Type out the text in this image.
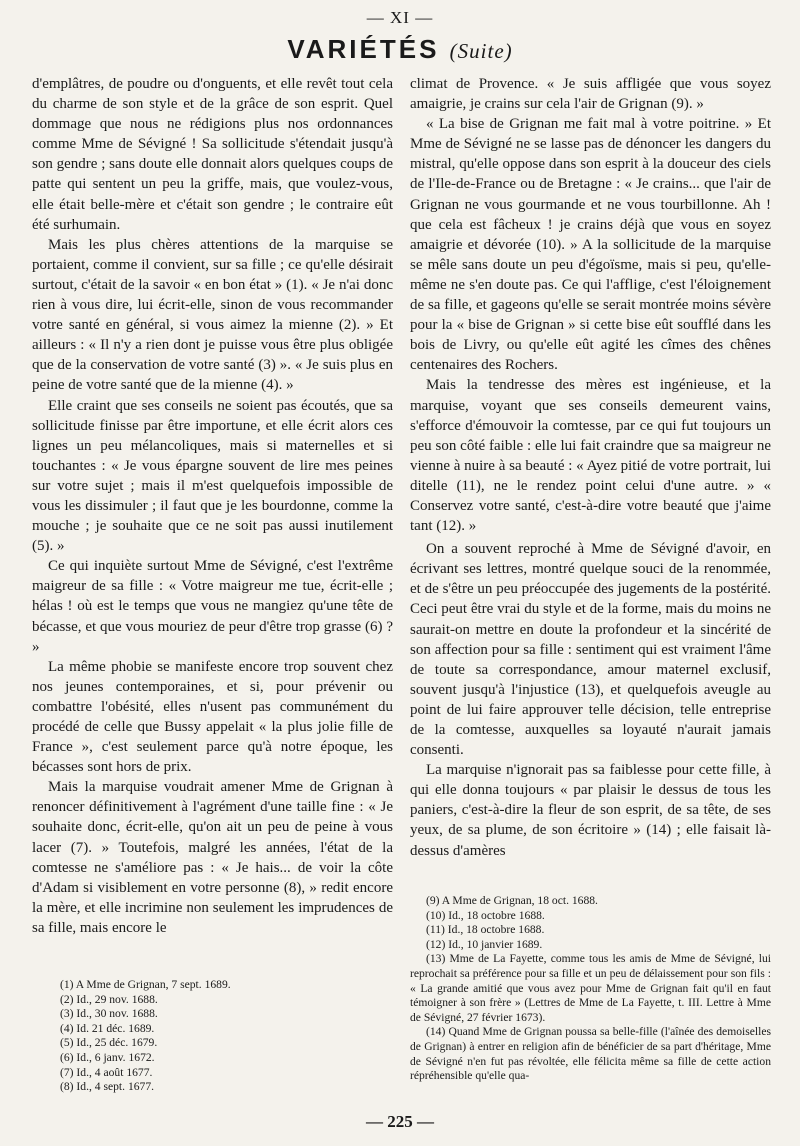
— XI —
VARIÉTÉS (Suite)

d'emplâtres, de poudre ou d'onguents, et elle revêt tout cela du charme de son style et de la grâce de son esprit. Quel dommage que nous ne rédigions plus nos ordonnances comme Mme de Sévigné ! Sa sollicitude s'étendait jusqu'à son gendre ; sans doute elle donnait alors quelques coups de patte qui sentent un peu la griffe, mais, que voulez-vous, elle était belle-mère et c'était son gendre ; le contraire eût été surhumain.

Mais les plus chères attentions de la marquise se portaient, comme il convient, sur sa fille ; ce qu'elle désirait surtout, c'était de la savoir « en bon état » (1). « Je n'ai donc rien à vous dire, lui écrit-elle, sinon de vous recommander votre santé en général, si vous aimez la mienne (2). » Et ailleurs : « Il n'y a rien dont je puisse vous être plus obligée que de la conservation de votre santé (3) ». « Je suis plus en peine de votre santé que de la mienne (4). »

Elle craint que ses conseils ne soient pas écoutés, que sa sollicitude finisse par être importune, et elle écrit alors ces lignes un peu mélancoliques, mais si maternelles et si touchantes : « Je vous épargne souvent de lire mes peines sur votre sujet ; mais il m'est quelquefois impossible de vous les dissimuler ; il faut que je les bourdonne, comme la mouche ; je souhaite que ce ne soit pas aussi inutilement (5). »

Ce qui inquiète surtout Mme de Sévigné, c'est l'extrême maigreur de sa fille : « Votre maigreur me tue, écrit-elle ; hélas ! où est le temps que vous ne mangiez qu'une tête de bécasse, et que vous mouriez de peur d'être trop grasse (6) ? »

La même phobie se manifeste encore trop souvent chez nos jeunes contemporaines, et si, pour prévenir ou combattre l'obésité, elles n'usent pas communément du procédé de celle que Bussy appelait « la plus jolie fille de France », c'est seulement parce qu'à notre époque, les bécasses sont hors de prix.

Mais la marquise voudrait amener Mme de Grignan à renoncer définitivement à l'agrément d'une taille fine : « Je souhaite donc, écrit-elle, qu'on ait un peu de peine à vous lacer (7). » Toutefois, malgré les années, l'état de la comtesse ne s'améliore pas : « Je hais... de voir la côte d'Adam si visiblement en votre personne (8), » redit encore la mère, et elle incrimine non seulement les imprudences de sa fille, mais encore le

climat de Provence. « Je suis affligée que vous soyez amaigrie, je crains sur cela l'air de Grignan (9). »

« La bise de Grignan me fait mal à votre poitrine. » Et Mme de Sévigné ne se lasse pas de dénoncer les dangers du mistral, qu'elle oppose dans son esprit à la douceur des ciels de l'Ile-de-France ou de Bretagne : « Je crains... que l'air de Grignan ne vous gourmande et ne vous tourbillonne. Ah ! que cela est fâcheux ! je crains déjà que vous en soyez amaigrie et dévorée (10). » A la sollicitude de la marquise se mêle sans doute un peu d'égoïsme, mais si peu, qu'elle-même ne s'en doute pas. Ce qui l'afflige, c'est l'éloignement de sa fille, et gageons qu'elle se serait montrée moins sévère pour la « bise de Grignan » si cette bise eût soufflé dans les bois de Livry, ou qu'elle eût agité les cîmes des chênes centenaires des Rochers.

Mais la tendresse des mères est ingénieuse, et la marquise, voyant que ses conseils demeurent vains, s'efforce d'émouvoir la comtesse, par ce qui fut toujours un peu son côté faible : elle lui fait craindre que sa maigreur ne vienne à nuire à sa beauté : « Ayez pitié de votre portrait, lui ditelle (11), ne le rendez point celui d'une autre. » « Conservez votre santé, c'est-à-dire votre beauté que j'aime tant (12). »

On a souvent reproché à Mme de Sévigné d'avoir, en écrivant ses lettres, montré quelque souci de la renommée, et de s'être un peu préoccupée des jugements de la postérité. Ceci peut être vrai du style et de la forme, mais du moins ne saurait-on mettre en doute la profondeur et la sincérité de son affection pour sa fille : sentiment qui est vraiment l'âme de toute sa correspondance, amour maternel exclusif, souvent jusqu'à l'injustice (13), et quelquefois aveugle au point de lui faire approuver telle décision, telle entreprise de la comtesse, auxquelles sa loyauté n'aurait jamais consenti.

La marquise n'ignorait pas sa faiblesse pour cette fille, à qui elle donna toujours « par plaisir le dessus de tous les paniers, c'est-à-dire la fleur de son esprit, de sa tête, de ses yeux, de sa plume, de son écritoire » (14) ; elle faisait là-dessus d'amères

(1) A Mme de Grignan, 7 sept. 1689.
(2) Id., 29 nov. 1688.
(3) Id., 30 nov. 1688.
(4) Id. 21 déc. 1689.
(5) Id., 25 déc. 1679.
(6) Id., 6 janv. 1672.
(7) Id., 4 août 1677.
(8) Id., 4 sept. 1677.
(9) A Mme de Grignan, 18 oct. 1688.
(10) Id., 18 octobre 1688.
(11) Id., 18 octobre 1688.
(12) Id., 10 janvier 1689.
(13) Mme de La Fayette, comme tous les amis de Mme de Sévigné, lui reprochait sa préférence pour sa fille et un peu de délaissement pour son fils : « La grande amitié que vous avez pour Mme de Grignan fait qu'il en faut témoigner à son frère » (Lettres de Mme de La Fayette, t. III. Lettre à Mme de Sévigné, 27 février 1673).
(14) Quand Mme de Grignan poussa sa belle-fille (l'aînée des demoiselles de Grignan) à entrer en religion afin de bénéficier de sa part d'héritage, Mme de Sévigné n'en fut pas révoltée, elle félicita même sa fille de cette action répréhensible qu'elle qua-
— 225 —
